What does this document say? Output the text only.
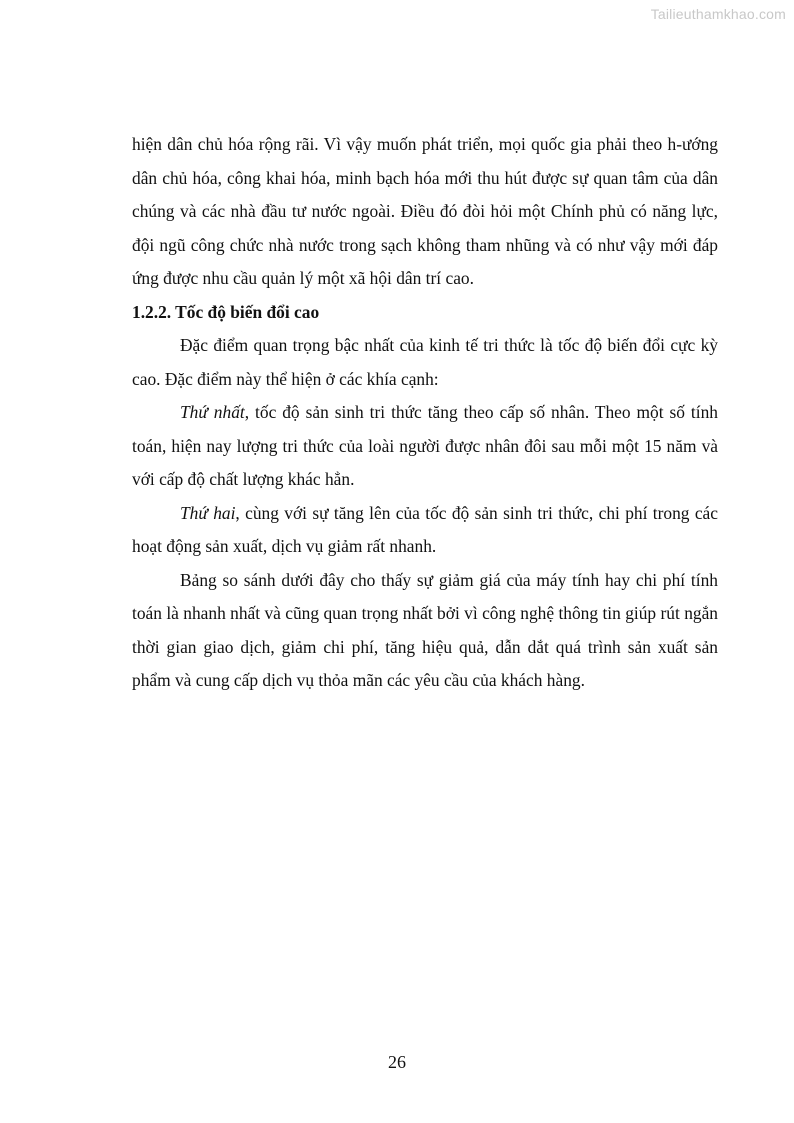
Tailieuthamkhao.com

hiện dân chủ hóa rộng rãi. Vì vậy muốn phát triển, mọi quốc gia phải theo h-ướng dân chủ hóa, công khai hóa, minh bạch hóa mới thu hút được sự quan tâm của dân chúng và các nhà đầu tư nước ngoài. Điều đó đòi hỏi một Chính phủ có năng lực, đội ngũ công chức nhà nước trong sạch không tham nhũng và có như vậy mới đáp ứng được nhu cầu quản lý một xã hội dân trí cao.

1.2.2. Tốc độ biến đổi cao

Đặc điểm quan trọng bậc nhất của kinh tế tri thức là tốc độ biến đổi cực kỳ cao. Đặc điểm này thể hiện ở các khía cạnh:

Thứ nhất, tốc độ sản sinh tri thức tăng theo cấp số nhân. Theo một số tính toán, hiện nay lượng tri thức của loài người được nhân đôi sau mỗi một 15 năm và với cấp độ chất lượng khác hẳn.

Thứ hai, cùng với sự tăng lên của tốc độ sản sinh tri thức, chi phí trong các hoạt động sản xuất, dịch vụ giảm rất nhanh.

Bảng so sánh dưới đây cho thấy sự giảm giá của máy tính hay chi phí tính toán là nhanh nhất và cũng quan trọng nhất bởi vì công nghệ thông tin giúp rút ngắn thời gian giao dịch, giảm chi phí, tăng hiệu quả, dẫn dắt quá trình sản xuất sản phẩm và cung cấp dịch vụ thỏa mãn các yêu cầu của khách hàng.

26
